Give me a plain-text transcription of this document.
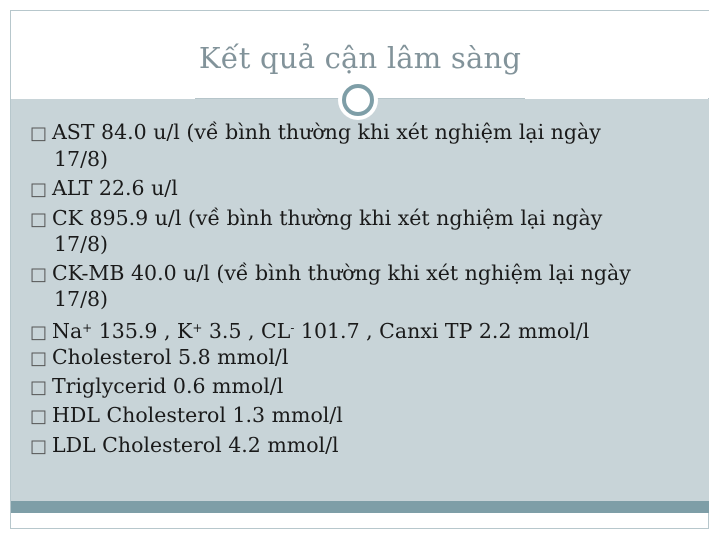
Kết quả cận lâm sàng
□ AST 84.0 u/l (về bình thường khi xét nghiệm lại ngày
17/8)
□ ALT 22.6 u/l
□ CK 895.9 u/l (về bình thường khi xét nghiệm lại ngày
17/8)
□ CK-MB 40.0 u/l (về bình thường khi xét nghiệm lại ngày
17/8)
□ Na+ 135.9 , K+ 3.5 , CL- 101.7 , Canxi TP 2.2 mmol/l
□ Cholesterol 5.8 mmol/l
□ Triglycerid 0.6 mmol/l
□ HDL Cholesterol 1.3 mmol/l
□ LDL Cholesterol 4.2 mmol/l
